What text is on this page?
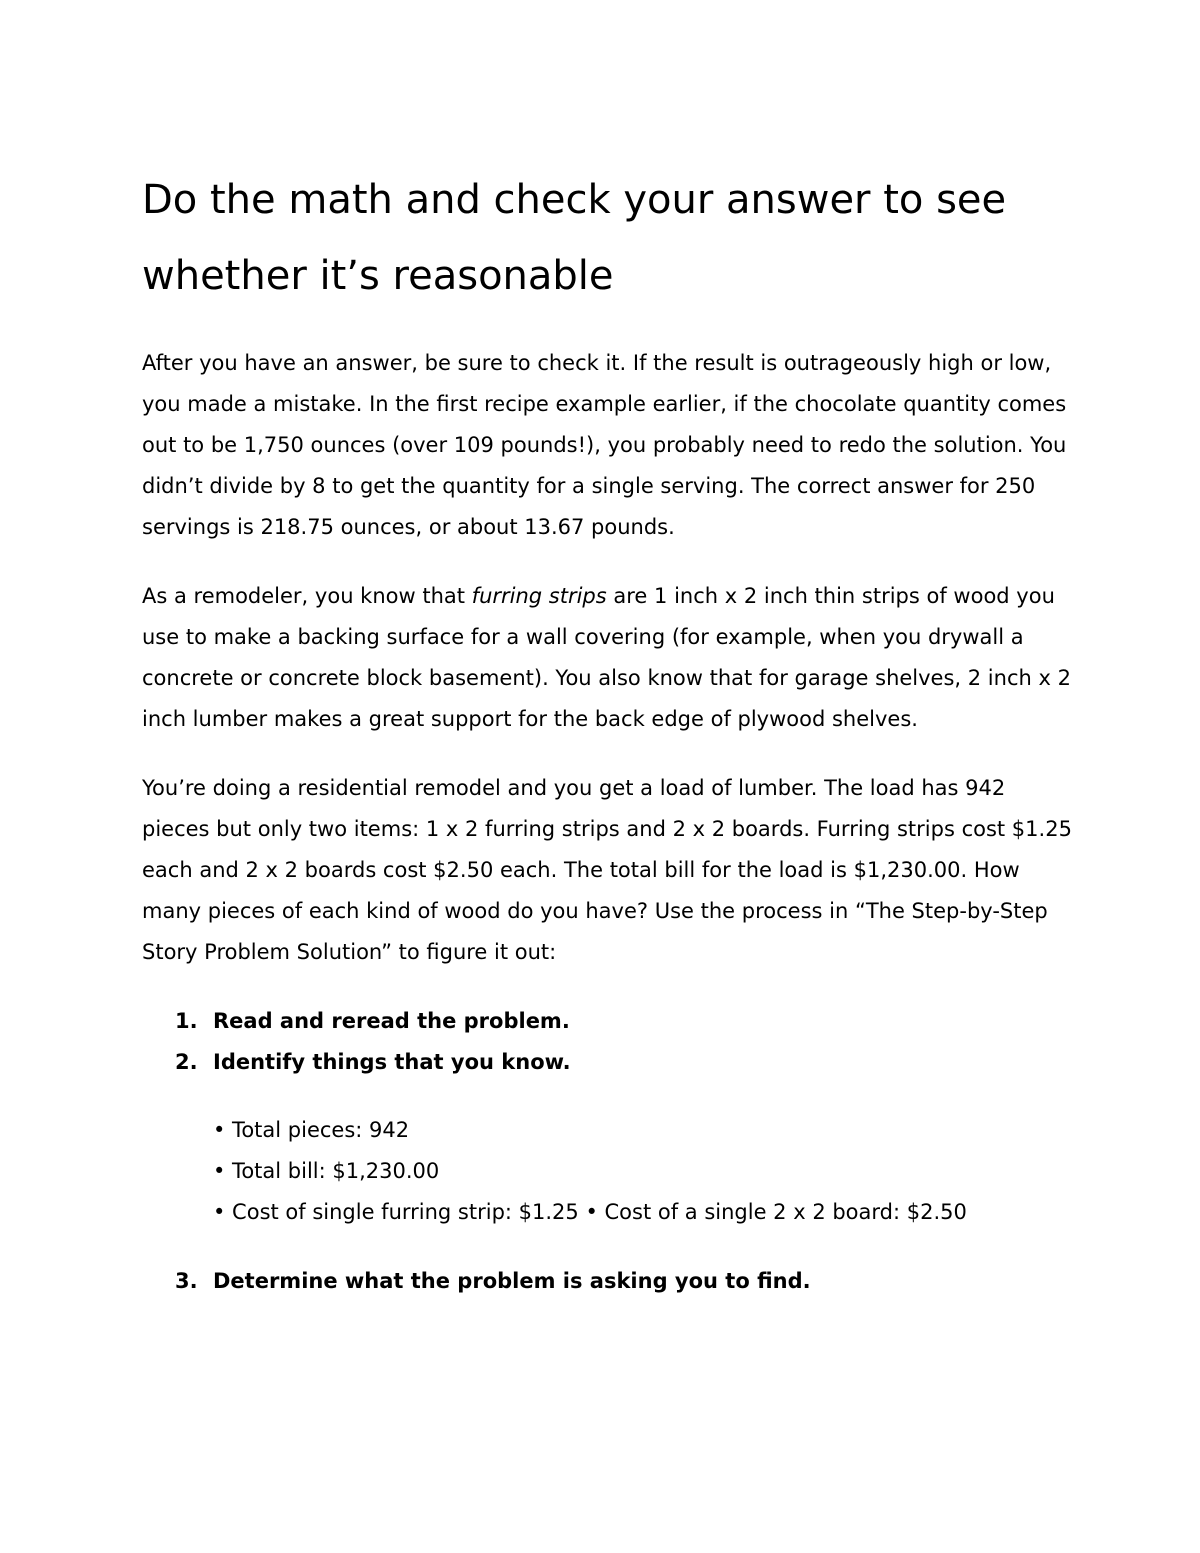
Do the math and check your answer to see whether it’s reasonable

After you have an answer, be sure to check it. If the result is outrageously high or low, you made a mistake. In the first recipe example earlier, if the chocolate quantity comes out to be 1,750 ounces (over 109 pounds!), you probably need to redo the solution. You didn’t divide by 8 to get the quantity for a single serving. The correct answer for 250 servings is 218.75 ounces, or about 13.67 pounds.

As a remodeler, you know that furring strips are 1 inch x 2 inch thin strips of wood you use to make a backing surface for a wall covering (for example, when you drywall a concrete or concrete block basement). You also know that for garage shelves, 2 inch x 2 inch lumber makes a great support for the back edge of plywood shelves.

You’re doing a residential remodel and you get a load of lumber. The load has 942 pieces but only two items: 1 x 2 furring strips and 2 x 2 boards. Furring strips cost $1.25 each and 2 x 2 boards cost $2.50 each. The total bill for the load is $1,230.00. How many pieces of each kind of wood do you have? Use the process in “The Step-by-Step Story Problem Solution” to figure it out:

1. Read and reread the problem.
2. Identify things that you know.
• Total pieces: 942
• Total bill: $1,230.00
• Cost of single furring strip: $1.25 • Cost of a single 2 x 2 board: $2.50
3. Determine what the problem is asking you to find.
